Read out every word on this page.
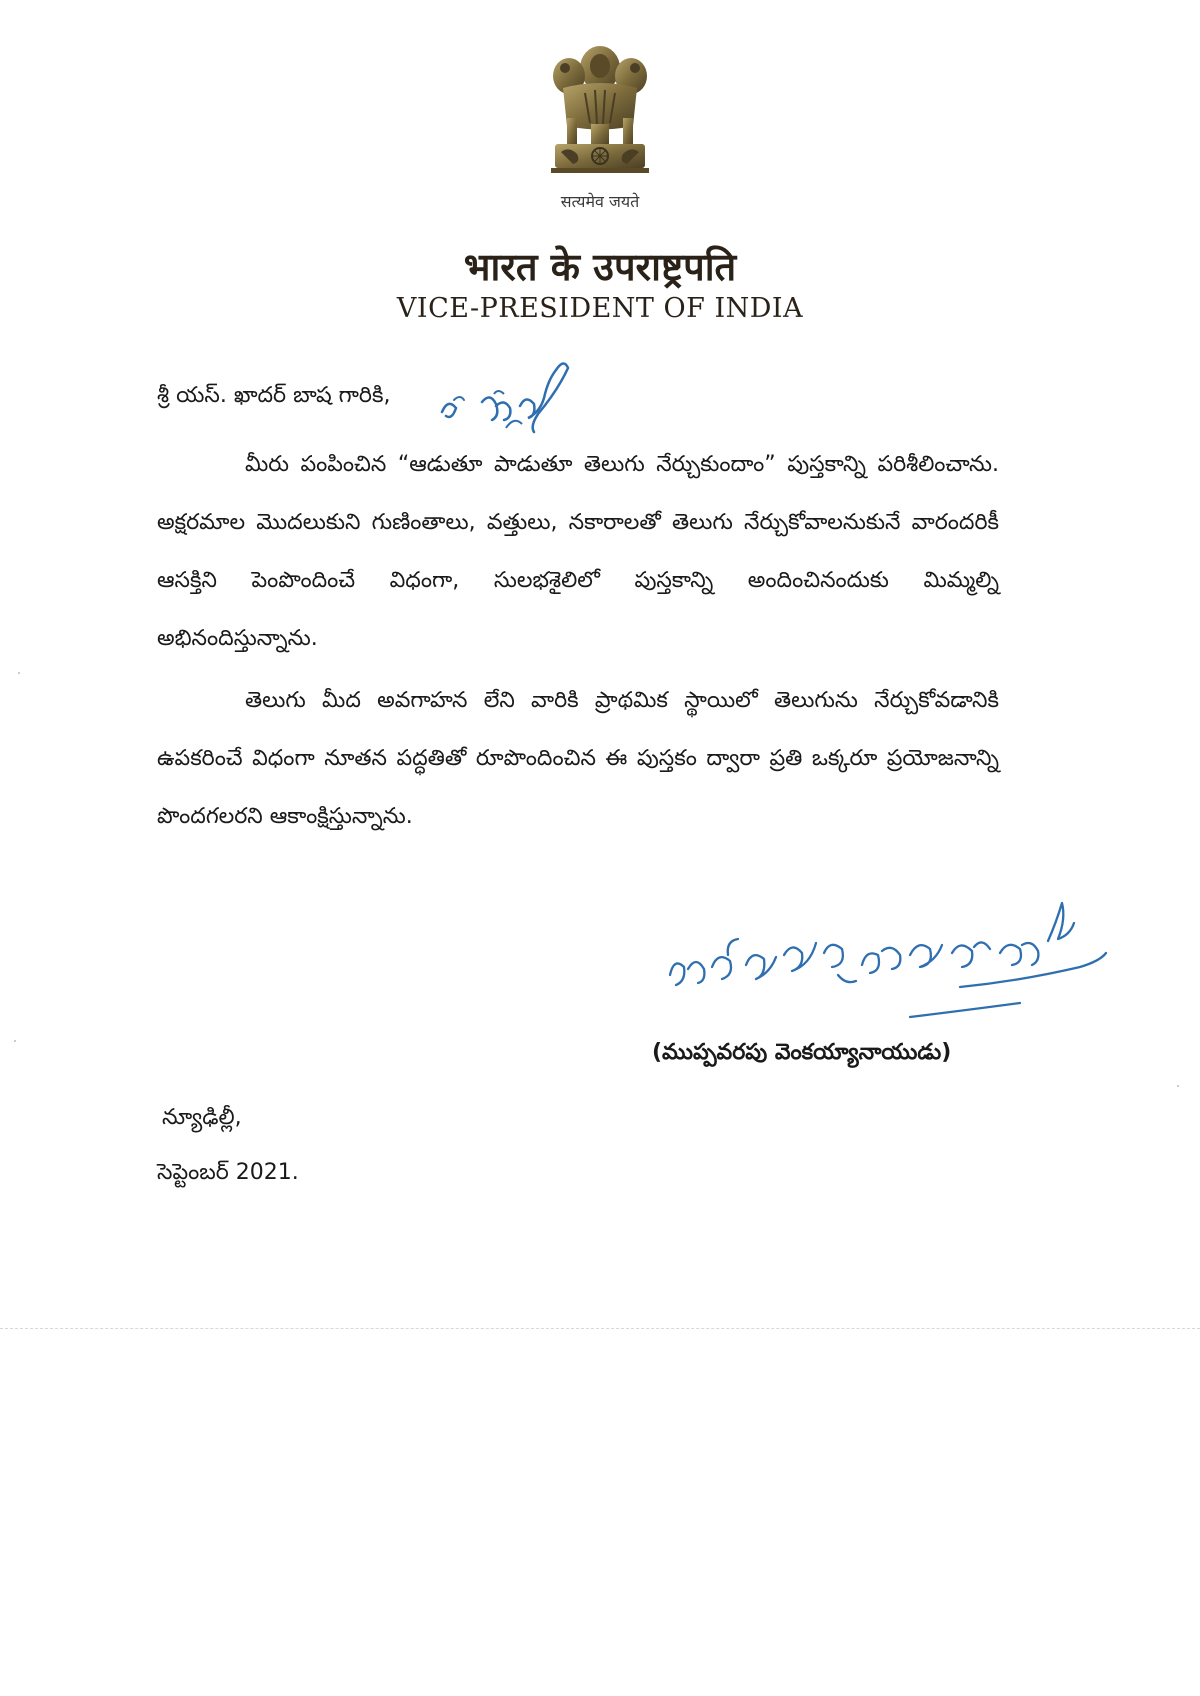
सत्यमेव जयते
भारत के उपराष्ट्रपति
VICE-PRESIDENT OF INDIA
శ్రీ యస్. ఖాదర్ బాష గారికి,

మీరు పంపించిన “ఆడుతూ పాడుతూ తెలుగు నేర్చుకుందాం” పుస్తకాన్ని పరిశీలించాను. అక్షరమాల మొదలుకుని గుణింతాలు, వత్తులు, నకారాలతో తెలుగు నేర్చుకోవాలనుకునే వారందరికీ ఆసక్తిని పెంపొందించే విధంగా, సులభశైలిలో పుస్తకాన్ని అందించినందుకు మిమ్మల్ని అభినందిస్తున్నాను.

తెలుగు మీద అవగాహన లేని వారికి ప్రాథమిక స్థాయిలో తెలుగును నేర్చుకోవడానికి ఉపకరించే విధంగా నూతన పద్ధతితో రూపొందించిన ఈ పుస్తకం ద్వారా ప్రతి ఒక్కరూ ప్రయోజనాన్ని పొందగలరని ఆకాంక్షిస్తున్నాను.

(ముప్పవరపు వెంకయ్యానాయుడు)
న్యూఢిల్లీ,
సెప్టెంబర్ 2021.
